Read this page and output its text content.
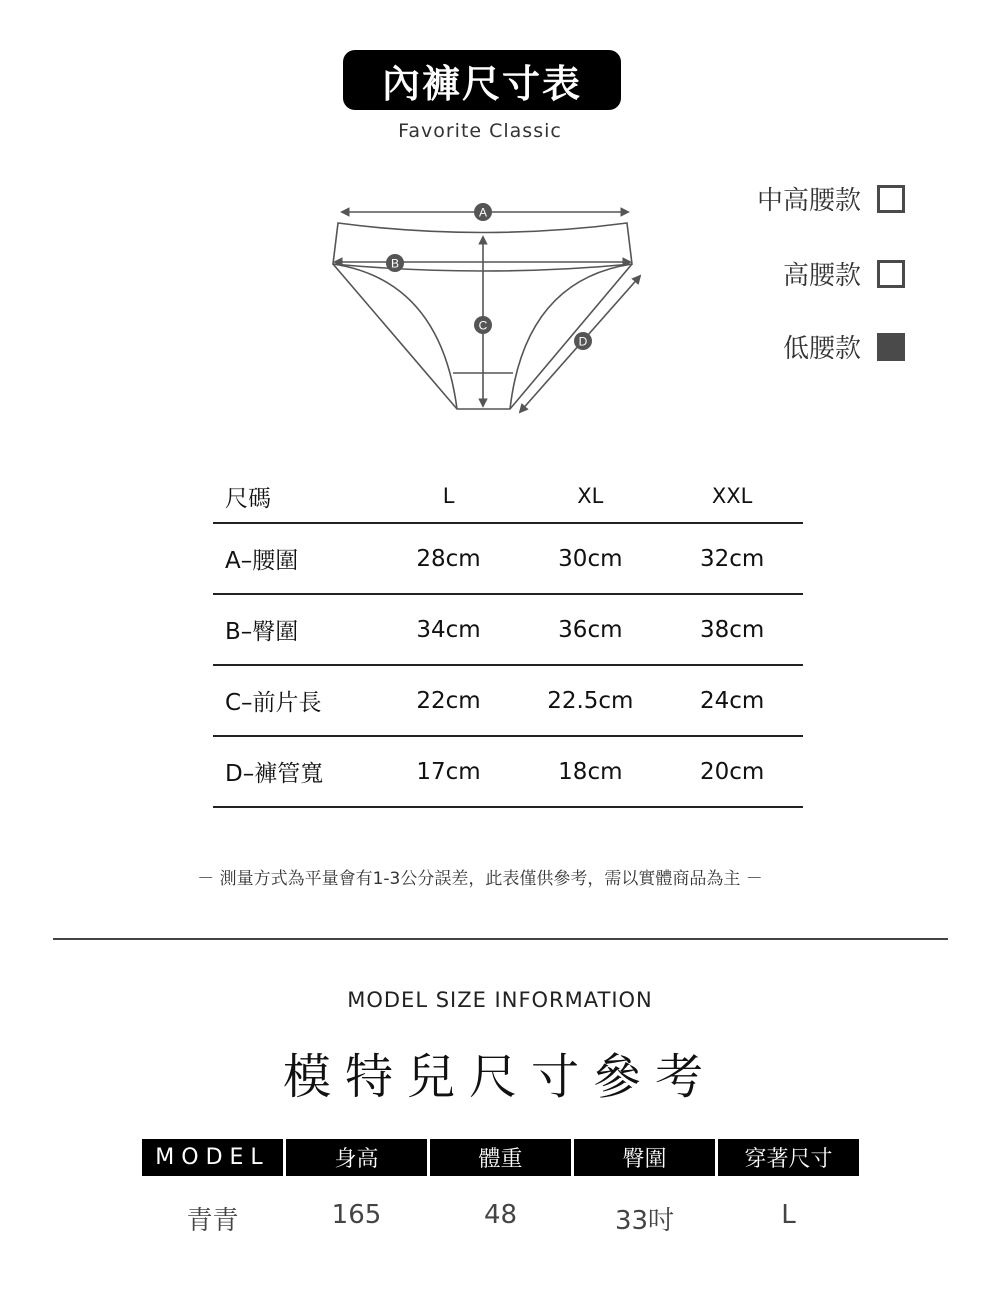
內褲尺寸表
Favorite Classic
A
B
C
D
中高腰款
高腰款
低腰款
尺碼	L	XL	XXL
A–腰圍	28cm	30cm	32cm
B–臀圍	34cm	36cm	38cm
C–前片長	22cm	22.5cm	24cm
D–褲管寬	17cm	18cm	20cm
－ 測量方式為平量會有1-3公分誤差，此表僅供參考，需以實體商品為主 －
MODEL SIZE INFORMATION
模特兒尺寸參考
MODEL	身高	體重	臀圍	穿著尺寸
青青	165	48	33吋	L
